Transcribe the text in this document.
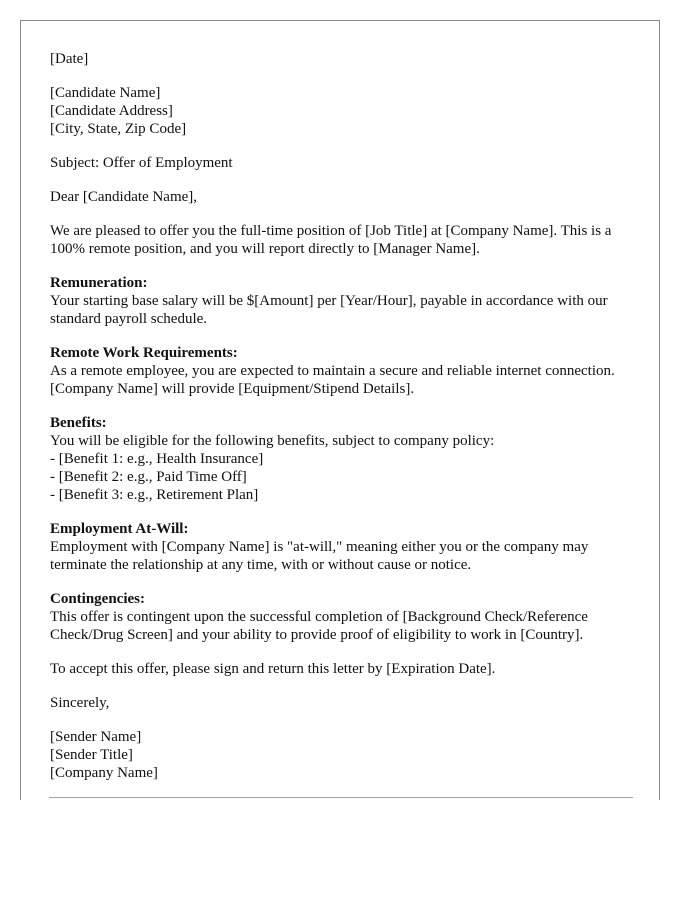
[Date]

[Candidate Name]
[Candidate Address]
[City, State, Zip Code]

Subject: Offer of Employment

Dear [Candidate Name],

We are pleased to offer you the full-time position of [Job Title] at [Company Name]. This is a 100% remote position, and you will report directly to [Manager Name].

Remuneration:
Your starting base salary will be $[Amount] per [Year/Hour], payable in accordance with our standard payroll schedule.

Remote Work Requirements:
As a remote employee, you are expected to maintain a secure and reliable internet connection. [Company Name] will provide [Equipment/Stipend Details].

Benefits:
You will be eligible for the following benefits, subject to company policy:
- [Benefit 1: e.g., Health Insurance]
- [Benefit 2: e.g., Paid Time Off]
- [Benefit 3: e.g., Retirement Plan]

Employment At-Will:
Employment with [Company Name] is "at-will," meaning either you or the company may terminate the relationship at any time, with or without cause or notice.

Contingencies:
This offer is contingent upon the successful completion of [Background Check/Reference Check/Drug Screen] and your ability to provide proof of eligibility to work in [Country].

To accept this offer, please sign and return this letter by [Expiration Date].

Sincerely,

[Sender Name]
[Sender Title]
[Company Name]
